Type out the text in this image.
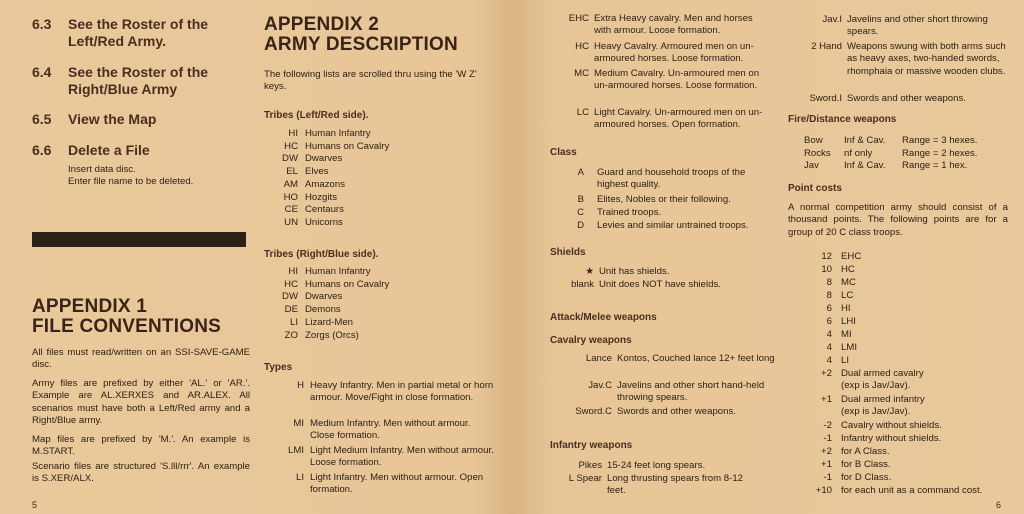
6.3 See the Roster of the Left/Red Army.
6.4 See the Roster of the Right/Blue Army
6.5 View the Map
6.6 Delete a File
Insert data disc.
Enter file name to be deleted.
APPENDIX 1
FILE CONVENTIONS
All files must read/written on an SSI-SAVE-GAME disc.
Army files are prefixed by either 'AL.' or 'AR.'. Example are AL.XERXES and AR.ALEX. All scenarios must have both a Left/Red army and a Right/Blue army.
Map files are prefixed by 'M.'. An example is M.START.
Scenario files are structured 'S.lll/rrr'. An example is S.XER/ALX.
5
APPENDIX 2
ARMY DESCRIPTION
The following lists are scrolled thru using the 'W Z' keys.
Tribes (Left/Red side).
HI Human Infantry
HC Humans on Cavalry
DW Dwarves
EL Elves
AM Amazons
HO Hozgits
CE Centaurs
UN Unicorns
Tribes (Right/Blue side).
HI Human Infantry
HC Humans on Cavalry
DW Dwarves
DE Demons
LI Lizard-Men
ZO Zorgs (Orcs)
Types
H Heavy Infantry. Men in partial metal or horn armour. Move/Fight in close formation.
MI Medium Infantry. Men without armour. Close formation.
LMI Light Medium Infantry. Men without armour. Loose formation.
LI Light Infantry. Men without armour. Open formation.
EHC Extra Heavy cavalry. Men and horses with armour. Loose formation.
HC Heavy Cavalry. Armoured men on un-armoured horses. Loose formation.
MC Medium Cavalry. Un-armoured men on un-armoured horses. Loose formation.
LC Light Cavalry. Un-armoured men on un-armoured horses. Open formation.
Class
A Guard and household troops of the highest quality.
B Elites, Nobles or their following.
C Trained troops.
D Levies and similar untrained troops.
Shields
★ Unit has shields.
blank Unit does NOT have shields.
Attack/Melee weapons
Cavalry weapons
Lance Kontos, Couched lance 12+ feet long
Jav.C Javelins and other short hand-held throwing spears.
Sword.C Swords and other weapons.
Infantry weapons
Pikes 15-24 feet long spears.
L Spear Long thrusting spears from 8-12 feet.
Jav.I Javelins and other short throwing spears.
2 Hand Weapons swung with both arms such as heavy axes, two-handed swords, rhomphaia or massive wooden clubs.
Sword.I Swords and other weapons.
Fire/Distance weapons
Bow Inf & Cav. Range = 3 hexes.
Rocks nf only	Range = 2 hexes.
Jav	Inf & Cav. Range = 1 hex.
Point costs
A normal competition army should consist of a thousand points. The following points are for a group of 20 C class troops.
12 EHC
10 HC
8 MC
8 LC
6 HI
6 LHI
4 MI
4 LMI
4 LI
+2 Dual armed cavalry
(exp is Jav/Jav).
+1 Dual armed infantry
(exp is Jav/Jav).
-2 Cavalry without shields.
-1 Infantry without shields.
+2 for A Class.
+1 for B Class.
-1 for D Class.
+10 for each unit as a command cost.
6
